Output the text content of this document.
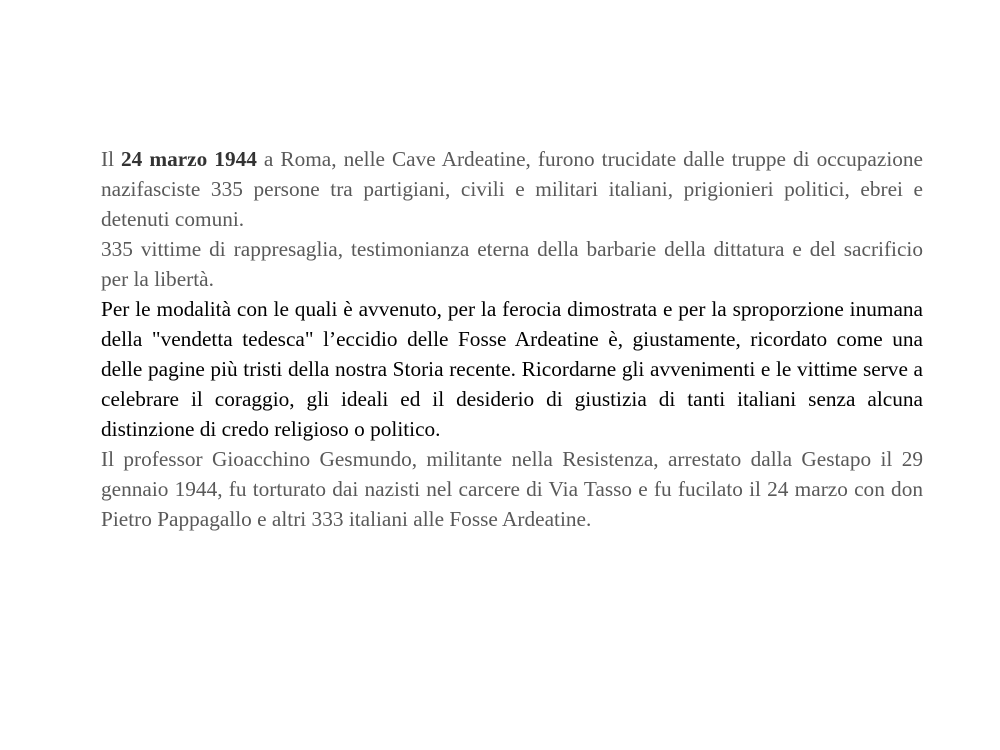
Il 24 marzo 1944 a Roma, nelle Cave Ardeatine, furono trucidate dalle truppe di occupazione nazifasciste 335 persone tra partigiani, civili e militari italiani, prigionieri politici, ebrei e detenuti comuni.

335 vittime di rappresaglia, testimonianza eterna della barbarie della dittatura e del sacrificio per la libertà.

Per le modalità con le quali è avvenuto, per la ferocia dimostrata e per la sproporzione inumana della "vendetta tedesca" l’eccidio delle Fosse Ardeatine è, giustamente, ricordato come una delle pagine più tristi della nostra Storia recente. Ricordarne gli avvenimenti e le vittime serve a celebrare il coraggio, gli ideali ed il desiderio di giustizia di tanti italiani senza alcuna distinzione di credo religioso o politico.

Il professor Gioacchino Gesmundo, militante nella Resistenza, arrestato dalla Gestapo il 29 gennaio 1944, fu torturato dai nazisti nel carcere di Via Tasso e fu fucilato il 24 marzo con don Pietro Pappagallo e altri 333 italiani alle Fosse Ardeatine.
